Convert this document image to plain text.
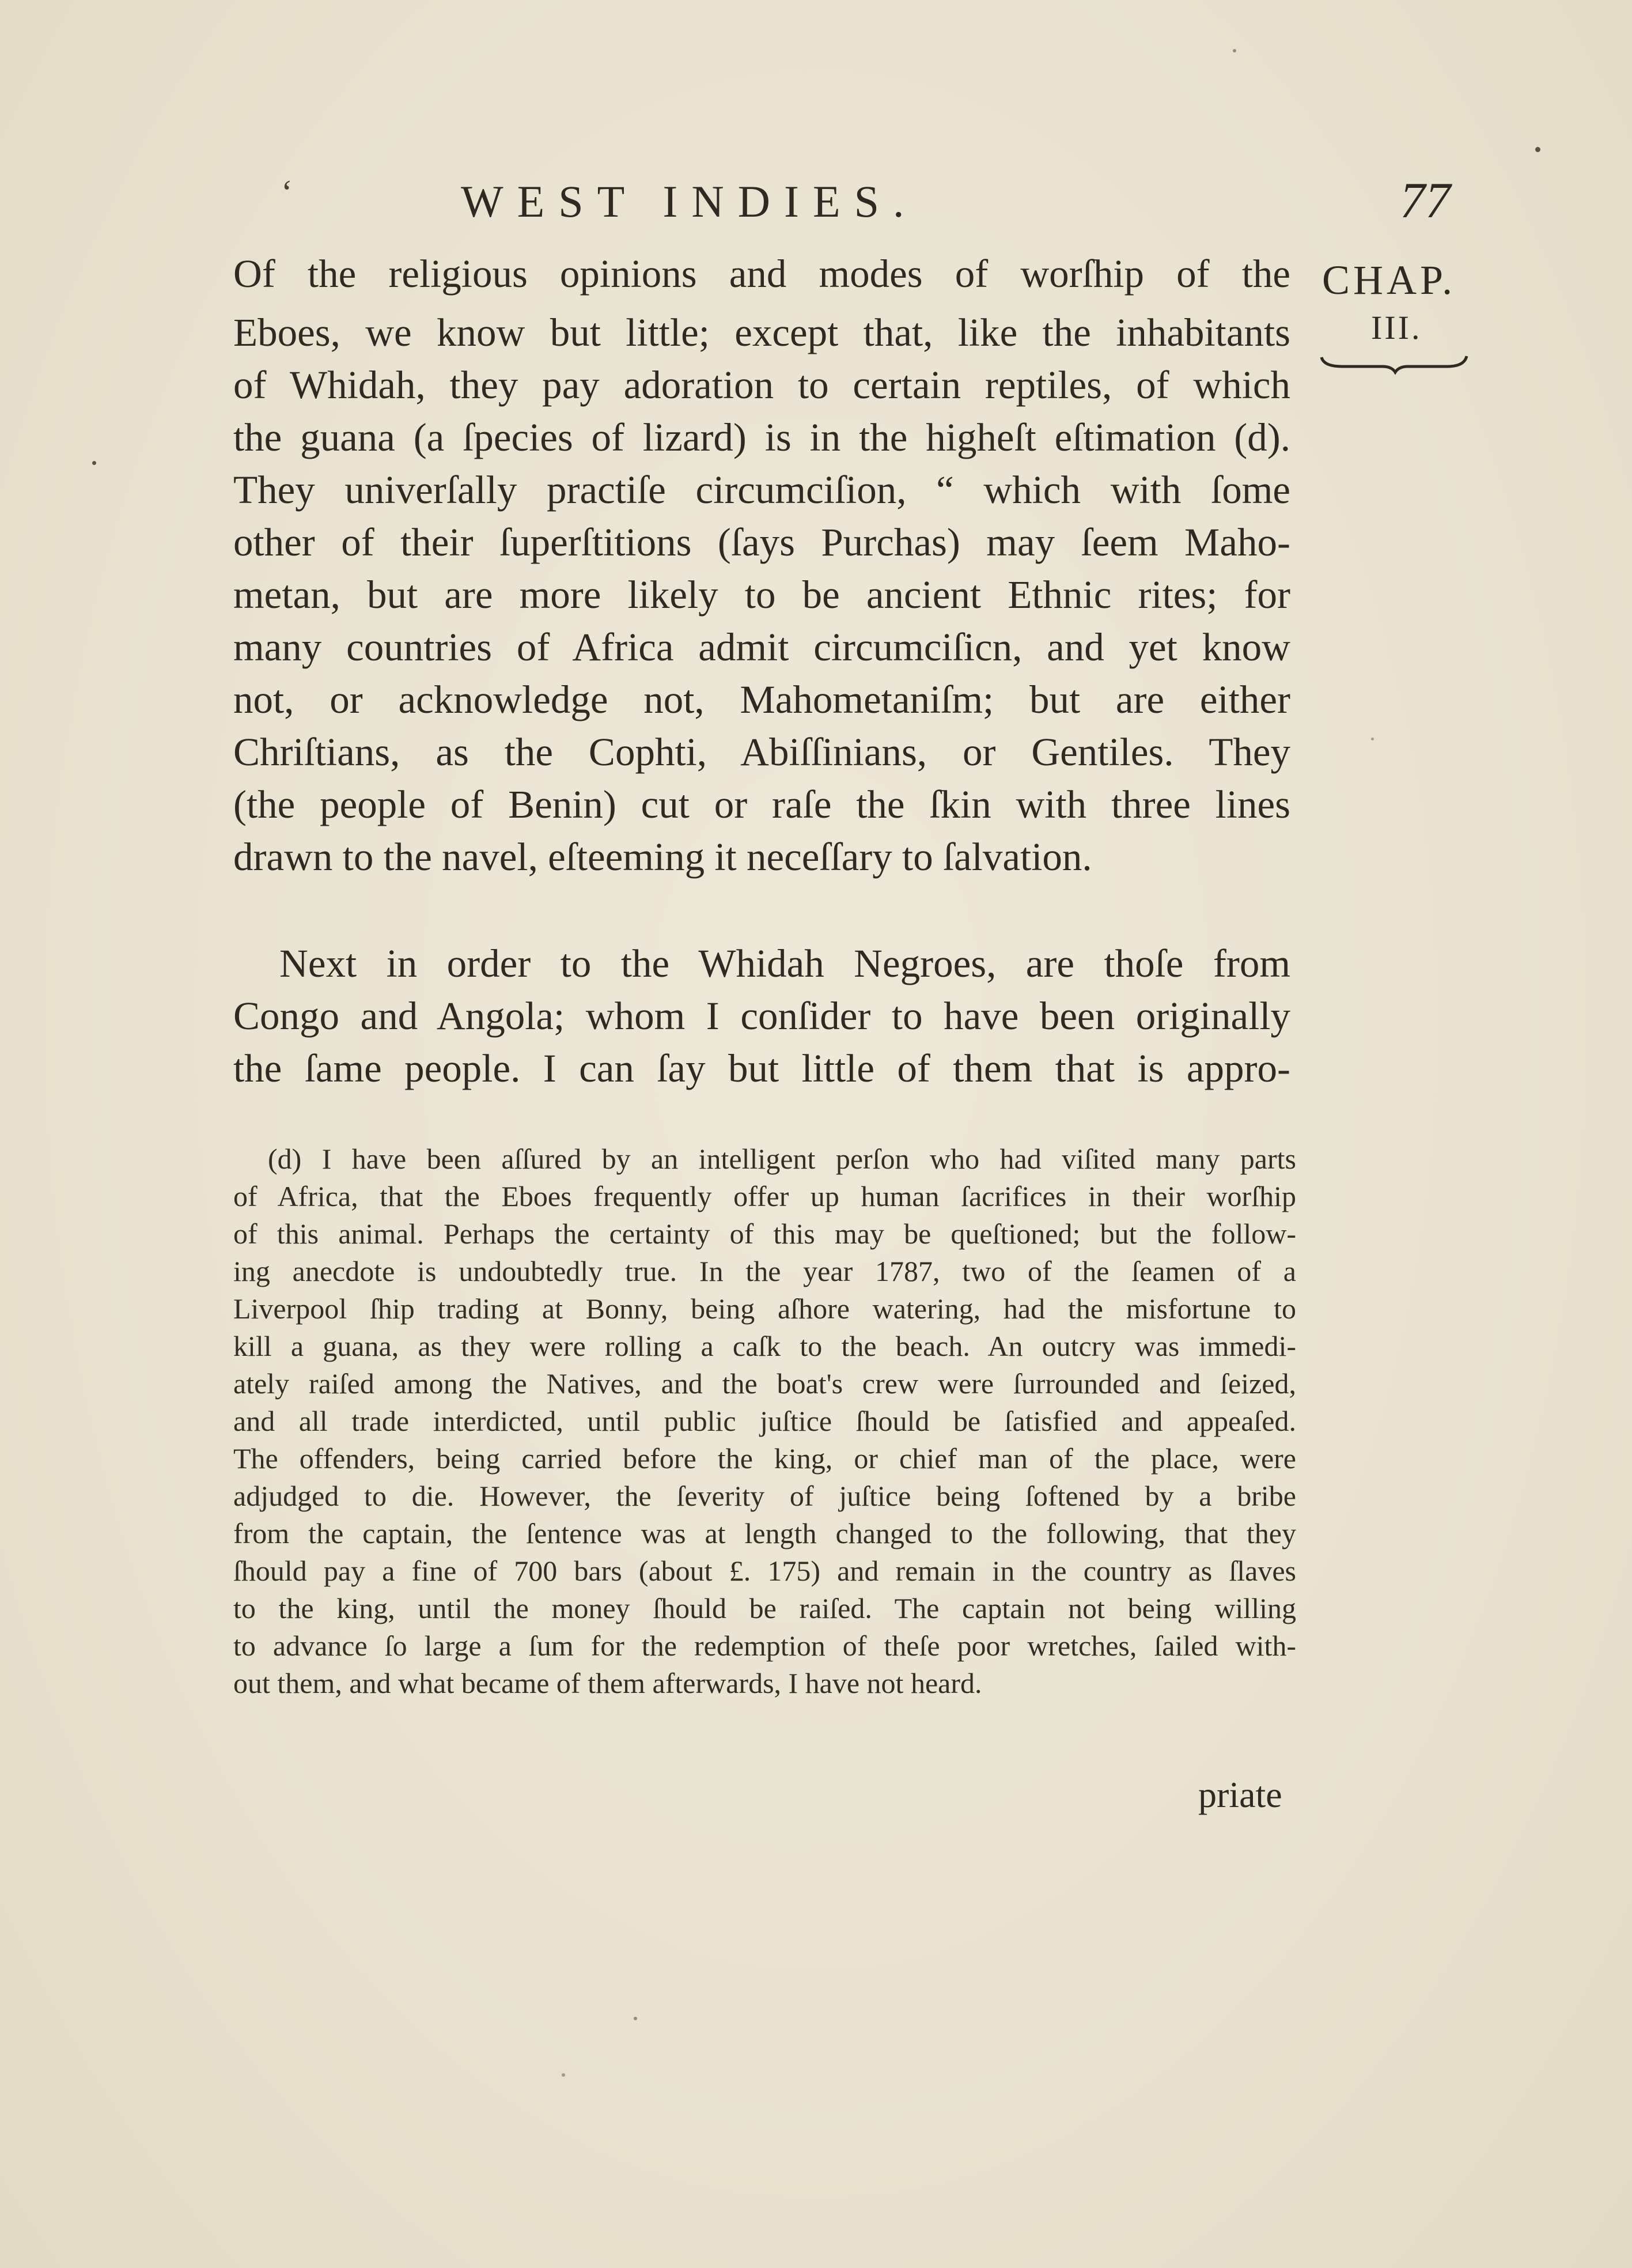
‘	WEST INDIES.	77
CHAP.
III.
Of the religious opinions and modes of worſhip of the
Eboes, we know but little; except that, like the inhabitants
of Whidah, they pay adoration to certain reptiles, of which
the guana (a ſpecies of lizard) is in the higheſt eſtimation (d).
They univerſally practiſe circumciſion, “ which with ſome
other of their ſuperſtitions (ſays Purchas) may ſeem Maho-
metan, but are more likely to be ancient Ethnic rites; for
many countries of Africa admit circumciſicn, and yet know
not, or acknowledge not, Mahometaniſm; but are either
Chriſtians, as the Cophti, Abiſſinians, or Gentiles. They
(the people of Benin) cut or raſe the ſkin with three lines
drawn to the navel, eſteeming it neceſſary to ſalvation.
Next in order to the Whidah Negroes, are thoſe from
Congo and Angola; whom I conſider to have been originally
the ſame people. I can ſay but little of them that is appro-
(d) I have been aſſured by an intelligent perſon who had viſited many parts
of Africa, that the Eboes frequently offer up human ſacrifices in their worſhip
of this animal. Perhaps the certainty of this may be queſtioned; but the follow-
ing anecdote is undoubtedly true. In the year 1787, two of the ſeamen of a
Liverpool ſhip trading at Bonny, being aſhore watering, had the misfortune to
kill a guana, as they were rolling a caſk to the beach. An outcry was immedi-
ately raiſed among the Natives, and the boat's crew were ſurrounded and ſeized,
and all trade interdicted, until public juſtice ſhould be ſatisfied and appeaſed.
The offenders, being carried before the king, or chief man of the place, were
adjudged to die. However, the ſeverity of juſtice being ſoftened by a bribe
from the captain, the ſentence was at length changed to the following, that they
ſhould pay a fine of 700 bars (about £. 175) and remain in the country as ſlaves
to the king, until the money ſhould be raiſed. The captain not being willing
to advance ſo large a ſum for the redemption of theſe poor wretches, ſailed with-
out them, and what became of them afterwards, I have not heard.
priate
